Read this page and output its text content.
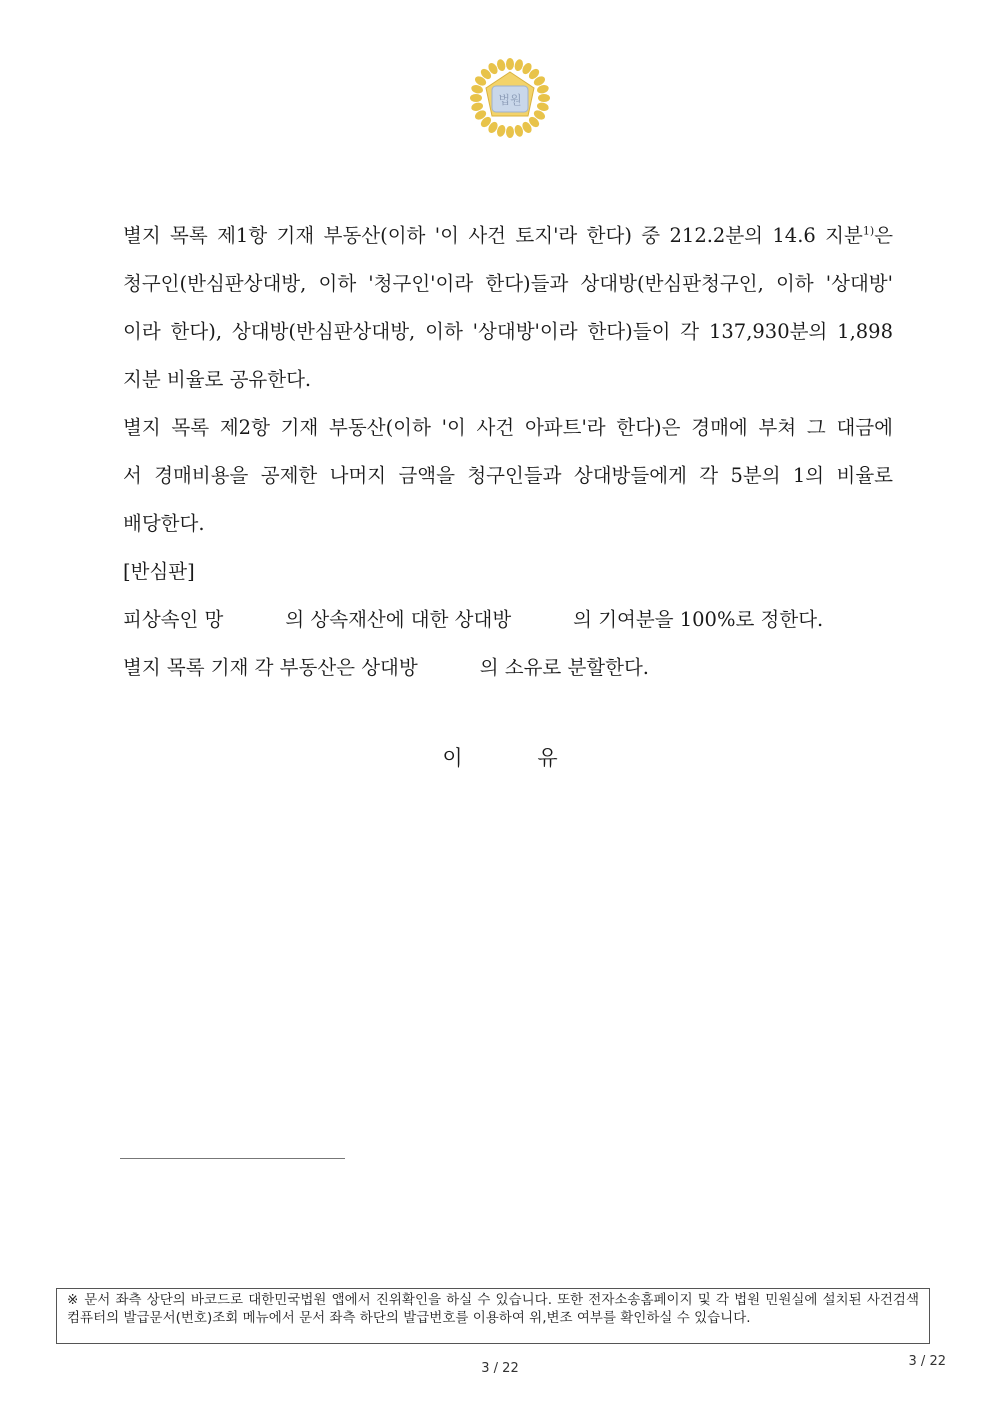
법원
별지 목록 제1항 기재 부동산(이하 '이 사건 토지'라 한다) 중 212.2분의 14.6 지분$^{1)}$은
청구인(반심판상대방, 이하 '청구인'이라 한다)들과 상대방(반심판청구인, 이하 '상대방'
이라 한다), 상대방(반심판상대방, 이하 '상대방'이라 한다)들이 각 137,930분의 1,898
지분 비율로 공유한다.
별지 목록 제2항 기재 부동산(이하 '이 사건 아파트'라 한다)은 경매에 부쳐 그 대금에
서 경매비용을 공제한 나머지 금액을 청구인들과 상대방들에게 각 5분의 1의 비율로
배당한다.
[반심판]
피상속인 망          의 상속재산에 대한 상대방          의 기여분을 100%로 정한다.
별지 목록 기재 각 부동산은 상대방          의 소유로 분할한다.
이	유
※ 문서 좌측 상단의 바코드로 대한민국법원 앱에서 진위확인을 하실 수 있습니다. 또한 전자소송홈페이지 및 각 법원 민원실에 설치된 사건검색 컴퓨터의 발급문서(번호)조회 메뉴에서 문서 좌측 하단의 발급번호를 이용하여 위,변조 여부를 확인하실 수 있습니다.
3 / 22	3 / 22
